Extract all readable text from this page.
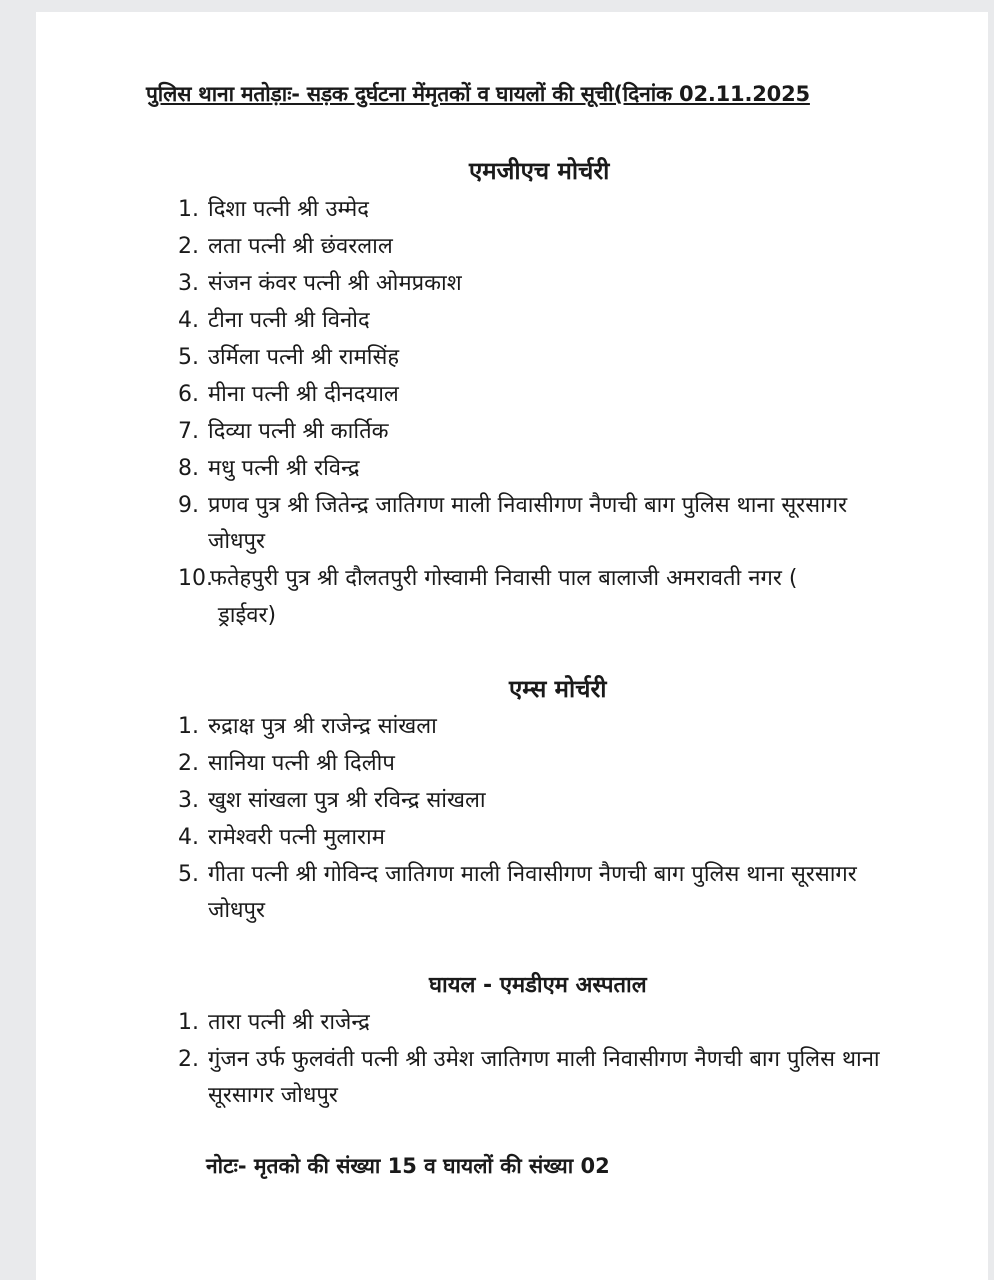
पुलिस थाना मतोड़ाः- सड़क दुर्घटना मेंमृतकों व घायलों की सूची(दिनांक 02.11.2025
एमजीएच मोर्चरी
1. दिशा पत्नी श्री उम्मेद
2. लता पत्नी श्री छंवरलाल
3. संजन कंवर पत्नी श्री ओमप्रकाश
4. टीना पत्नी श्री विनोद
5. उर्मिला पत्नी श्री रामसिंह
6. मीना पत्नी श्री दीनदयाल
7. दिव्या पत्नी श्री कार्तिक
8. मधु पत्नी श्री रविन्द्र
9. प्रणव पुत्र श्री जितेन्द्र जातिगण माली निवासीगण नैणची बाग पुलिस थाना सूरसागर
जोधपुर
10.फतेहपुरी पुत्र श्री दौलतपुरी गोस्वामी निवासी पाल बालाजी अमरावती नगर (
ड्राईवर)
एम्स मोर्चरी
1. रुद्राक्ष पुत्र श्री राजेन्द्र सांखला
2. सानिया पत्नी श्री दिलीप
3. खुश सांखला पुत्र श्री रविन्द्र सांखला
4. रामेश्वरी पत्नी मुलाराम
5. गीता पत्नी श्री गोविन्द जातिगण माली निवासीगण नैणची बाग पुलिस थाना सूरसागर
जोधपुर
घायल - एमडीएम अस्पताल
1. तारा पत्नी श्री राजेन्द्र
2. गुंजन उर्फ फुलवंती पत्नी श्री उमेश जातिगण माली निवासीगण नैणची बाग पुलिस थाना
सूरसागर जोधपुर
नोटः- मृतको की संख्या 15 व घायलों की संख्या 02
